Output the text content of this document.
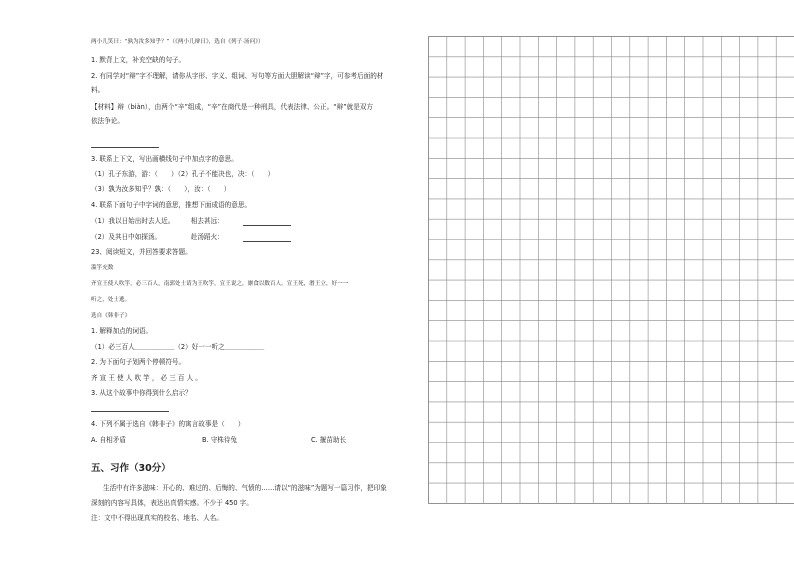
两小儿笑曰：“孰为汝多知乎？”（《两小儿辩日》，选自《列子·汤问》）
1. 默背上文，补充空缺的句子。
2. 有同学对“辩”字不理解，请你从字形、字义、组词、写句等方面大胆解读“辩”字，可参考后面的材
料。
【材料】辩（biàn），由两个“辛”组成，“辛”在商代是一种刑具，代表法律、公正。“辩”就是双方
依法争论。
3. 联系上下文，写出画横线句子中加点字的意思。
（1）孔子东游，游：（　　）（2）孔子不能决也，决：（　　）
（3）孰为汝多知乎？孰：（　　），汝：（　　）
4. 联系下面句子中字词的意思，推想下面成语的意思。
（1）我以日始出时去人近。　　　相去甚远：
（2）及其日中如探汤。　　　　　赴汤蹈火：
23、阅读短文，并回答要求答题。
滥竽充数
齐宣王使人吹竽，必三百人，南郭处士请为王吹竽，宣王说之，廪食以数百人。宣王死，湣王立，好一一
听之，处士逃。
选自《韩非子》
1. 解释加点的词语。
（1）必三百人＿＿＿＿＿＿（2）好一一听之＿＿＿＿＿＿
2. 为下面句子划两个停顿符号。
齐 宣 王 使 人 吹 竽 ， 必 三 百 人 。
3. 从这个故事中你得到什么启示？
4. 下列不属于选自《韩非子》的寓言故事是（　　）
A. 自相矛盾	B. 守株待兔	C. 揠苗助长
五、习作（30分）
生活中有许多滋味：开心的、难过的、后悔的、气愤的……请以“的滋味”为题写一篇习作，把印象
深刻的内容写具体，表达出真情实感。不少于 450 字。
注：文中不得出现真实的校名、地名、人名。
